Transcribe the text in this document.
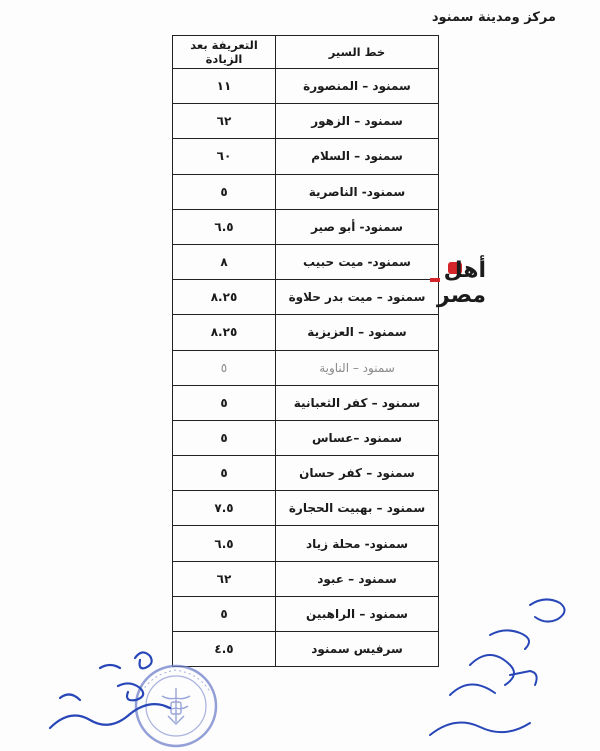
مركز ومدينة سمنود
خط السير	التعريفة بعد الزيادة
سمنود – المنصورة	١١
سمنود – الزهور	٦٢
سمنود – السلام	٦٠
سمنود- الناصرية	٥
سمنود- أبو صير	٦.٥
سمنود- ميت حبيب	٨
سمنود – ميت بدر حلاوة	٨.٢٥
سمنود – العزيزية	٨.٢٥
سمنود – الناوية	٥
سمنود – كفر الثعبانية	٥
سمنود –عساس	٥
سمنود – كفر حسان	٥
سمنود – بهبيت الحجارة	٧.٥
سمنود- محلة زياد	٦.٥
سمنود – عبود	٦٢
سمنود – الراهبين	٥
سرفيس سمنود	٤.٥
أهل مصر
